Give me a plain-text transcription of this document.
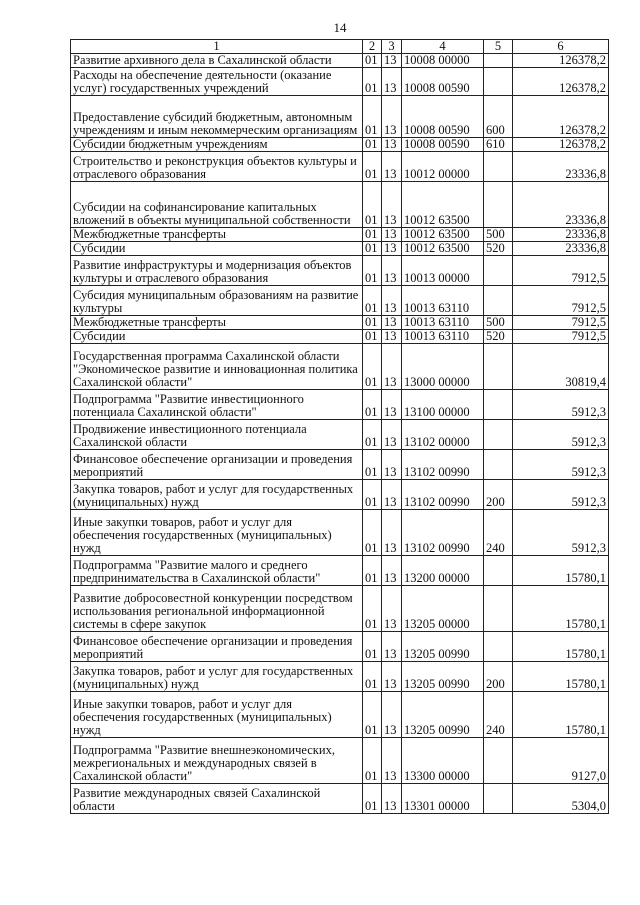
14
1	2	3	4	5	6
Развитие архивного дела в Сахалинской области	01	13	10008 00000		126378,2
Расходы на обеспечение деятельности (оказание услуг) государственных учреждений	01	13	10008 00590		126378,2
Предоставление субсидий бюджетным, автономным учреждениям и иным некоммерческим организациям	01	13	10008 00590	600	126378,2
Субсидии бюджетным учреждениям	01	13	10008 00590	610	126378,2
Строительство и реконструкция объектов культуры и отраслевого образования	01	13	10012 00000		23336,8
Субсидии на софинансирование капитальных вложений в объекты муниципальной собственности	01	13	10012 63500		23336,8
Межбюджетные трансферты	01	13	10012 63500	500	23336,8
Субсидии	01	13	10012 63500	520	23336,8
Развитие инфраструктуры и модернизация объектов культуры и отраслевого образования	01	13	10013 00000		7912,5
Субсидия муниципальным образованиям на развитие культуры	01	13	10013 63110		7912,5
Межбюджетные трансферты	01	13	10013 63110	500	7912,5
Субсидии	01	13	10013 63110	520	7912,5
Государственная программа Сахалинской области "Экономическое развитие и инновационная политика Сахалинской области"	01	13	13000 00000		30819,4
Подпрограмма "Развитие инвестиционного потенциала Сахалинской области"	01	13	13100 00000		5912,3
Продвижение инвестиционного потенциала Сахалинской области	01	13	13102 00000		5912,3
Финансовое обеспечение организации и проведения мероприятий	01	13	13102 00990		5912,3
Закупка товаров, работ и услуг для государственных (муниципальных) нужд	01	13	13102 00990	200	5912,3
Иные закупки товаров, работ и услуг для обеспечения государственных (муниципальных) нужд	01	13	13102 00990	240	5912,3
Подпрограмма "Развитие малого и среднего предпринимательства в Сахалинской области"	01	13	13200 00000		15780,1
Развитие добросовестной конкуренции посредством использования региональной информационной системы в сфере закупок	01	13	13205 00000		15780,1
Финансовое обеспечение организации и проведения мероприятий	01	13	13205 00990		15780,1
Закупка товаров, работ и услуг для государственных (муниципальных) нужд	01	13	13205 00990	200	15780,1
Иные закупки товаров, работ и услуг для обеспечения государственных (муниципальных) нужд	01	13	13205 00990	240	15780,1
Подпрограмма "Развитие внешнеэкономических, межрегиональных и международных связей в Сахалинской области"	01	13	13300 00000		9127,0
Развитие международных связей Сахалинской области	01	13	13301 00000		5304,0
